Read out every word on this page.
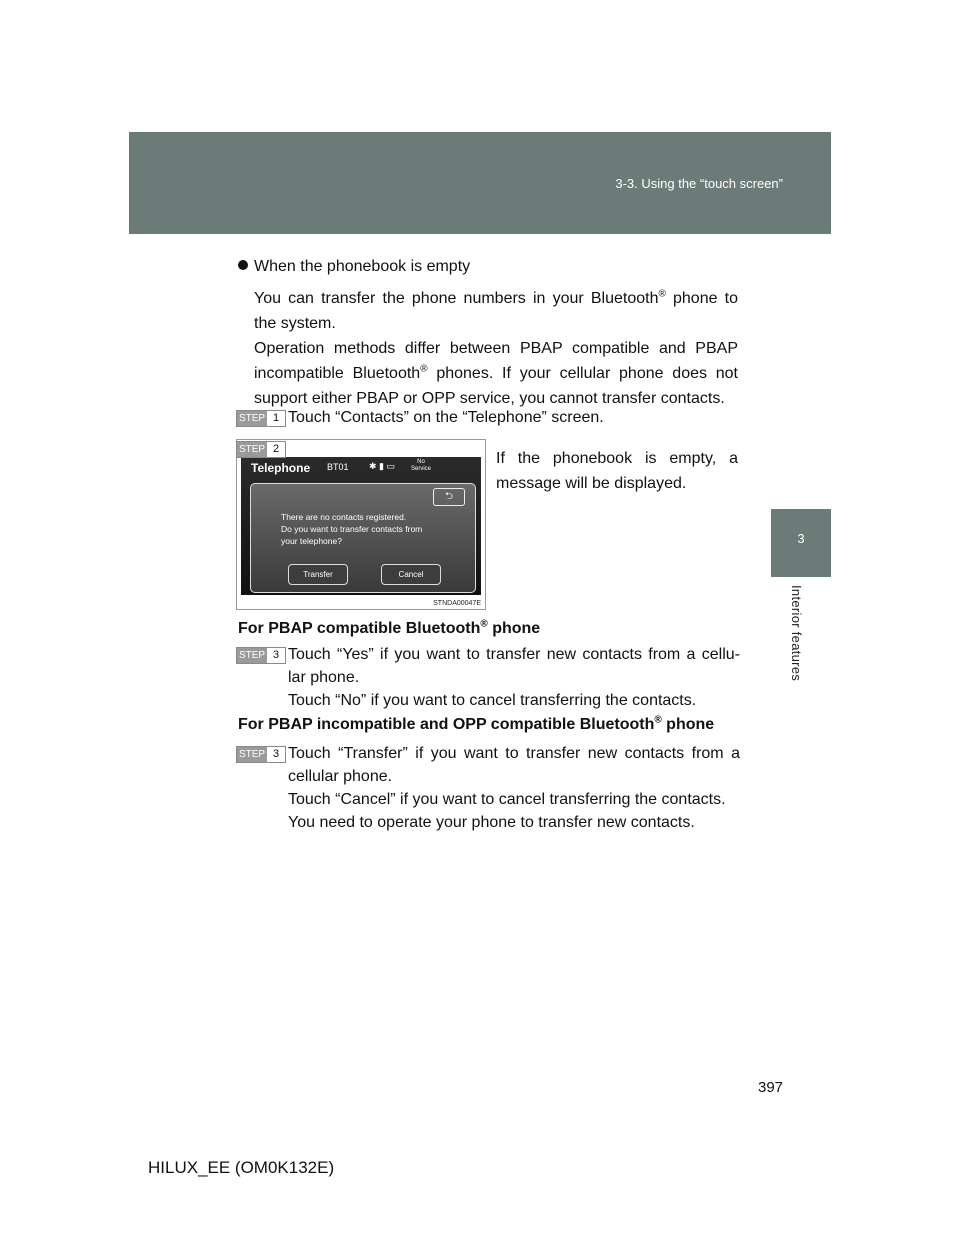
3-3. Using the “touch screen”
3
Interior features
When the phonebook is empty
You can transfer the phone numbers in your Bluetooth® phone to
the system.
Operation methods differ between PBAP compatible and PBAP
incompatible Bluetooth® phones. If your cellular phone does not
support either PBAP or OPP service, you cannot transfer contacts.
STEP 1 Touch “Contacts” on the “Telephone” screen.
STEP 2
If the phonebook is empty, a message will be displayed.
Telephone BT01 ✱ ▮ ▭	No
Service
⮌
There are no contacts registered.
Do you want to transfer contacts from
your telephone?
Transfer	Cancel
STNDA00047E
For PBAP compatible Bluetooth® phone
STEP 3 Touch “Yes” if you want to transfer new contacts from a cellu-
lar phone.
Touch “No” if you want to cancel transferring the contacts.
For PBAP incompatible and OPP compatible Bluetooth® phone
STEP 3 Touch “Transfer” if you want to transfer new contacts from a
cellular phone.
Touch “Cancel” if you want to cancel transferring the contacts.
You need to operate your phone to transfer new contacts.
397
HILUX_EE (OM0K132E)
